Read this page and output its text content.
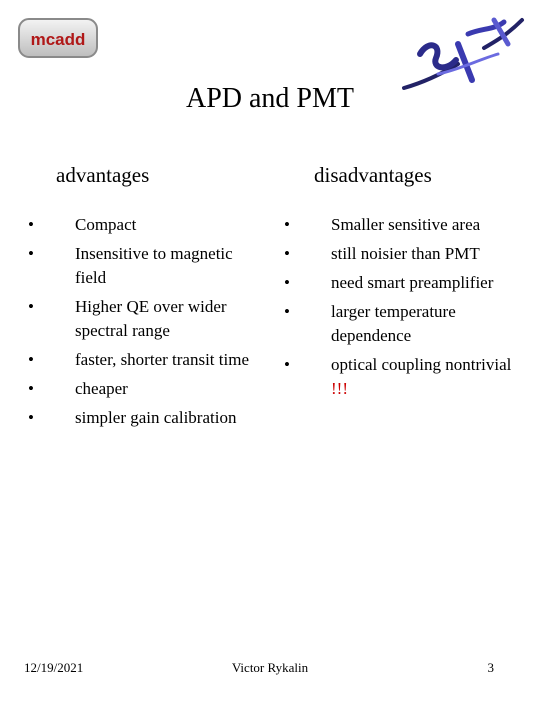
mcadd
APD and PMT
advantages	disadvantages
•	Compact
•	Insensitive to magnetic field
•	Higher QE over wider spectral range
•	faster, shorter transit time
•	cheaper
•	simpler gain calibration
•	Smaller sensitive area
•	still noisier than PMT
•	need smart preamplifier
•	larger temperature dependence
•	optical coupling nontrivial !!!
12/19/2021	Victor Rykalin	3
